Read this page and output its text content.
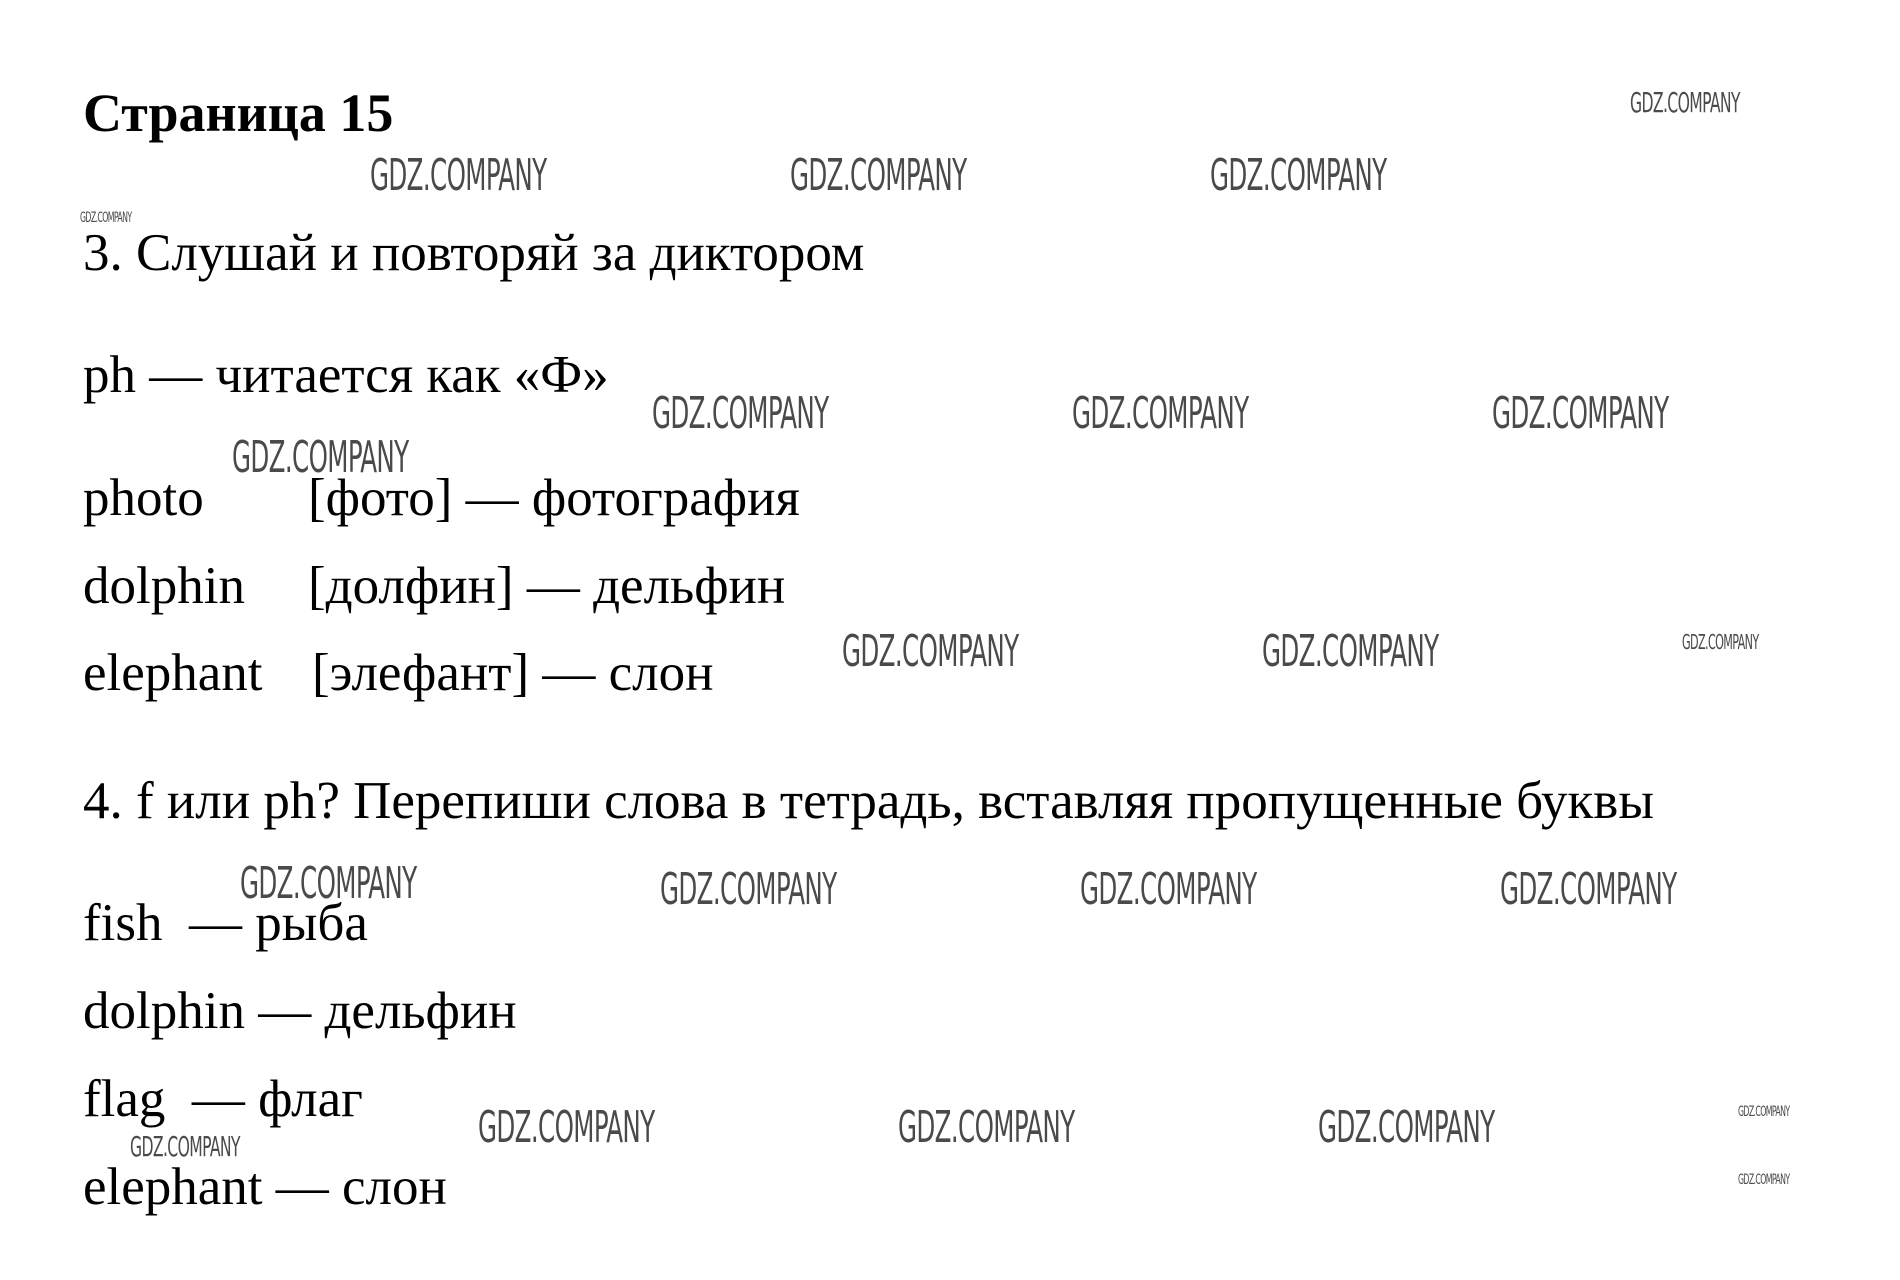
Страница 15

3. Слушай и повторяй за диктором

ph — читается как «Ф»

photo [фото] — фотография

dolphin [долфин] — дельфин

elephant [элефант] — слон

4. f или ph? Перепиши слова в тетрадь, вставляя пропущенные буквы

fish  — рыба

dolphin — дельфин

flag  — флаг

elephant — слон

GDZ.COMPANY
GDZ.COMPANY	GDZ.COMPANY	GDZ.COMPANY
GDZ.COMPANY
GDZ.COMPANY	GDZ.COMPANY	GDZ.COMPANY
GDZ.COMPANY
GDZ.COMPANY	GDZ.COMPANY	GDZ.COMPANY
GDZ.COMPANY	GDZ.COMPANY	GDZ.COMPANY	GDZ.COMPANY
GDZ.COMPANY	GDZ.COMPANY	GDZ.COMPANY	GDZ.COMPANY
GDZ.COMPANY
GDZ.COMPANY
